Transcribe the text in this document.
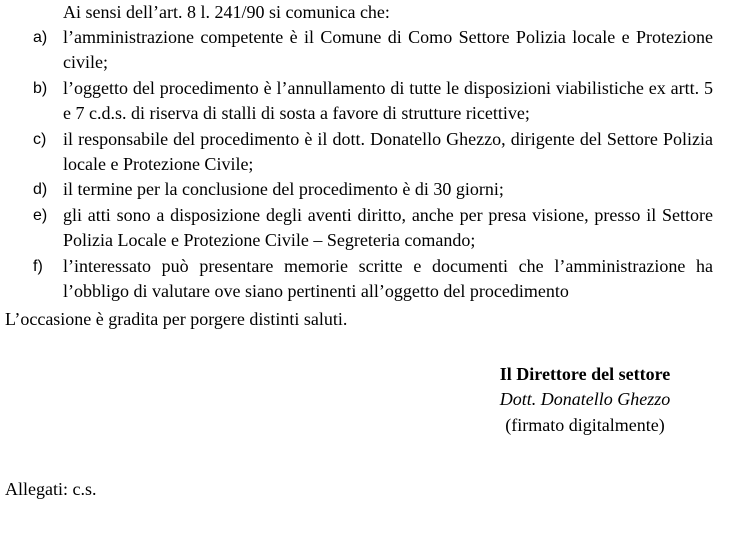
Ai sensi dell’art. 8 l. 241/90 si comunica che:

a) l’amministrazione competente è il Comune di Como Settore Polizia locale e Protezione civile;
b) l’oggetto del procedimento è l’annullamento di tutte le disposizioni viabilistiche ex artt. 5 e 7 c.d.s. di riserva di stalli di sosta a favore di strutture ricettive;
c) il responsabile del procedimento è il dott. Donatello Ghezzo, dirigente del Settore Polizia locale e Protezione Civile;
d) il termine per la conclusione del procedimento è di 30 giorni;
e) gli atti sono a disposizione degli aventi diritto, anche per presa visione, presso il Settore Polizia Locale e Protezione Civile – Segreteria comando;
f) l’interessato può presentare memorie scritte e documenti che l’amministrazione ha l’obbligo di valutare ove siano pertinenti all’oggetto del procedimento

L’occasione è gradita per porgere distinti saluti.

Il Direttore del settore
Dott. Donatello Ghezzo
(firmato digitalmente)

Allegati: c.s.
